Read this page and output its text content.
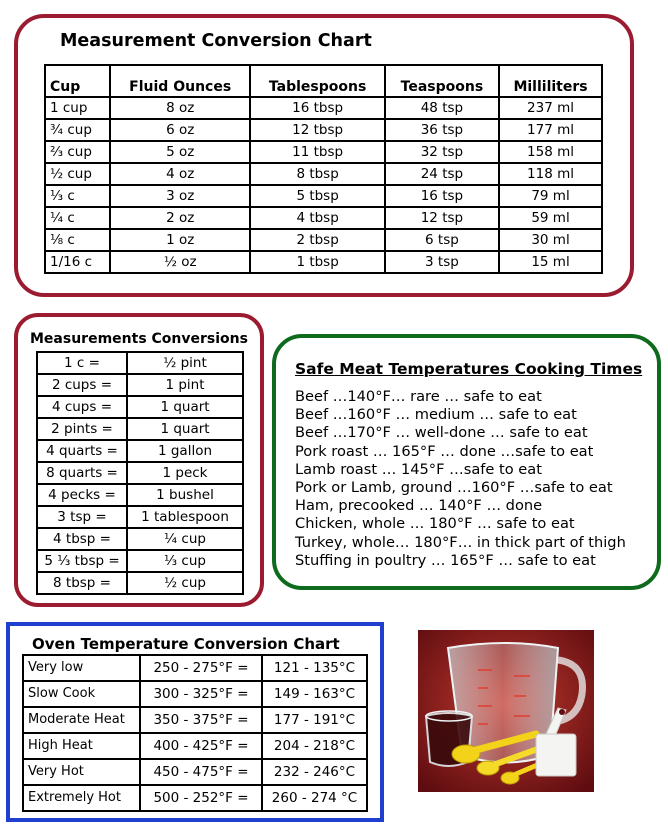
Measurement Conversion Chart
Cup	Fluid Ounces	Tablespoons	Teaspoons	Milliliters
1 cup	8 oz	16 tbsp	48 tsp	237 ml
¾ cup	6 oz	12 tbsp	36 tsp	177 ml
⅔ cup	5 oz	11 tbsp	32 tsp	158 ml
½ cup	4 oz	8 tbsp	24 tsp	118 ml
⅓ c	3 oz	5 tbsp	16 tsp	79 ml
¼ c	2 oz	4 tbsp	12 tsp	59 ml
⅛ c	1 oz	2 tbsp	6 tsp	30 ml
1/16 c	½ oz	1 tbsp	3 tsp	15 ml
Measurements Conversions
1 c =	½ pint
2 cups =	1 pint
4 cups =	1 quart
2 pints =	1 quart
4 quarts =	1 gallon
8 quarts =	1 peck
4 pecks =	1 bushel
3 tsp =	1 tablespoon
4 tbsp =	¼ cup
5 ⅓ tbsp =	⅓ cup
8 tbsp =	½ cup
Safe Meat Temperatures Cooking Times
Beef …140°F… rare … safe to eat
Beef …160°F … medium … safe to eat
Beef …170°F … well-done … safe to eat
Pork roast … 165°F … done …safe to eat
Lamb roast … 145°F …safe to eat
Pork or Lamb, ground …160°F …safe to eat
Ham, precooked … 140°F … done
Chicken, whole … 180°F … safe to eat
Turkey, whole… 180°F… in thick part of thigh
Stuffing in poultry … 165°F … safe to eat
Oven Temperature Conversion Chart
Very low	250 - 275°F =	121 - 135°C
Slow Cook	300 - 325°F =	149 - 163°C
Moderate Heat	350 - 375°F =	177 - 191°C
High Heat	400 - 425°F =	204 - 218°C
Very Hot	450 - 475°F =	232 - 246°C
Extremely Hot	500 - 252°F =	260 - 274 °C
